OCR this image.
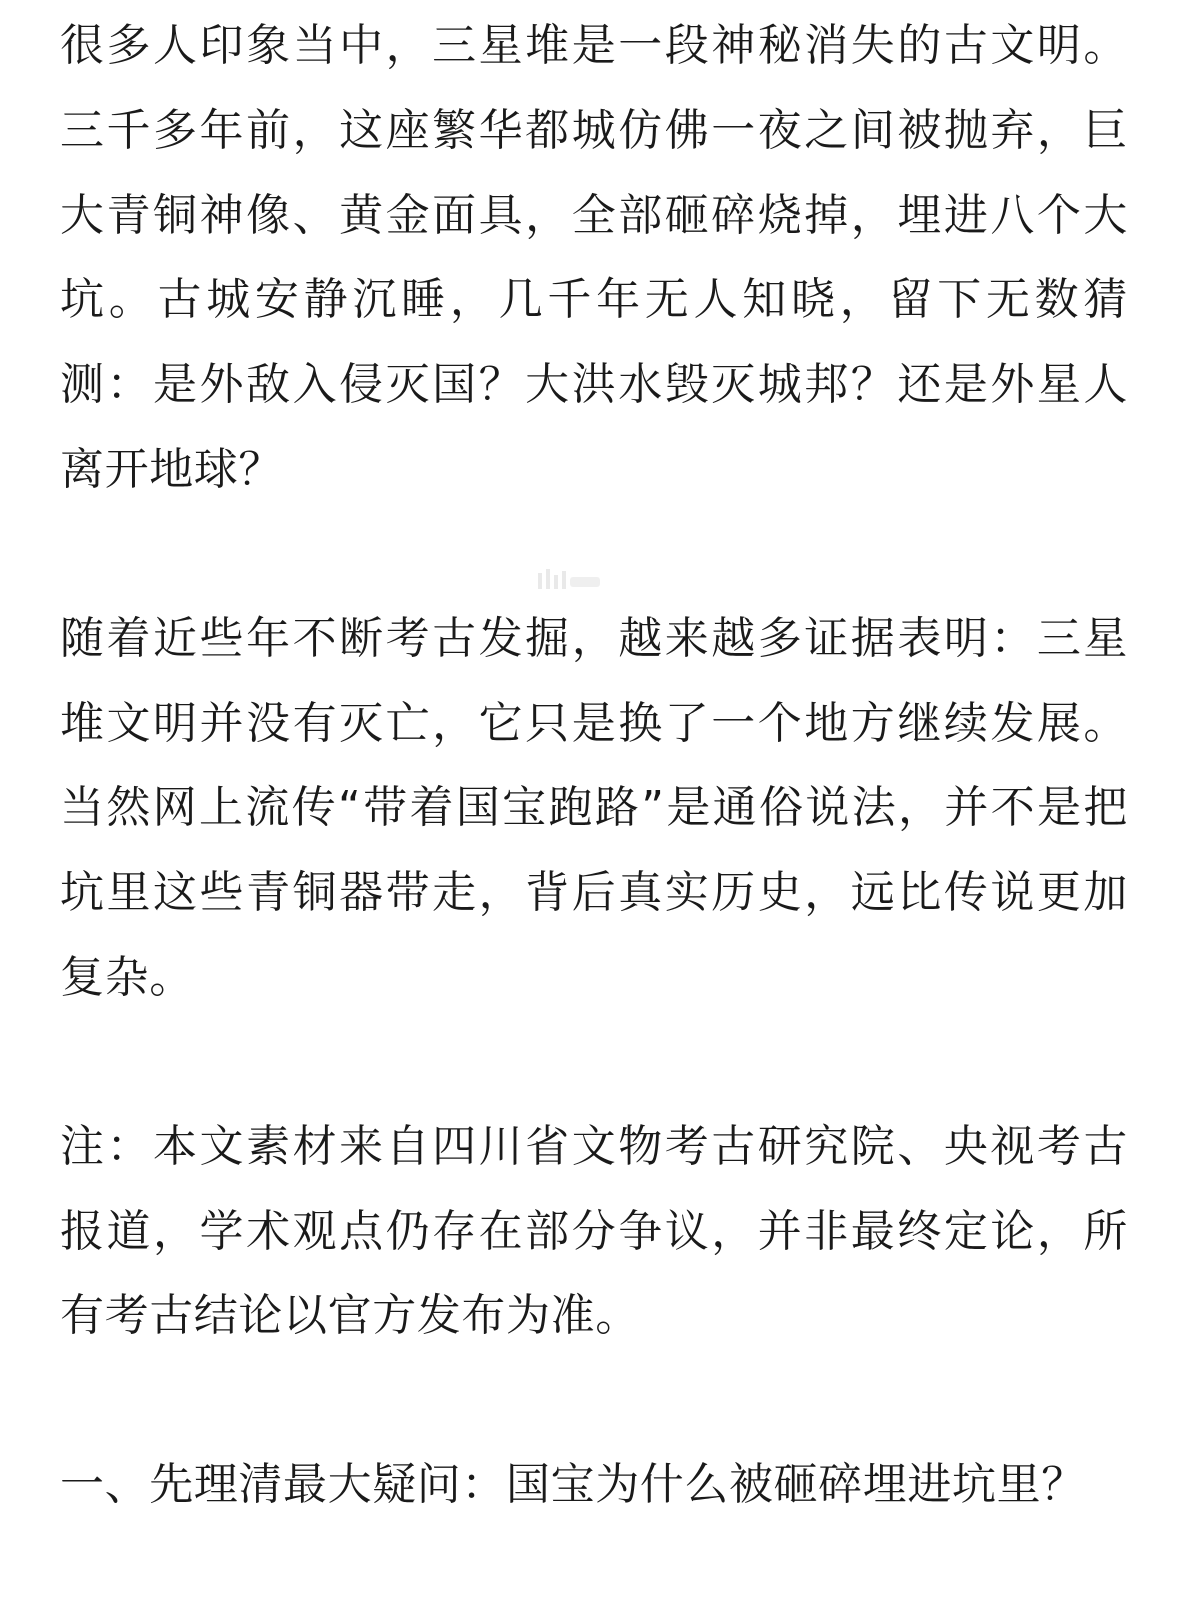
很多人印象当中，三星堆是一段神秘消失的古文明。三千多年前，这座繁华都城仿佛一夜之间被抛弃，巨大青铜神像、黄金面具，全部砸碎烧掉，埋进八个大坑。古城安静沉睡，几千年无人知晓，留下无数猜测：是外敌入侵灭国？大洪水毁灭城邦？还是外星人离开地球？

随着近些年不断考古发掘，越来越多证据表明：三星堆文明并没有灭亡，它只是换了一个地方继续发展。当然网上流传“带着国宝跑路”是通俗说法，并不是把坑里这些青铜器带走，背后真实历史，远比传说更加复杂。

注：本文素材来自四川省文物考古研究院、央视考古报道，学术观点仍存在部分争议，并非最终定论，所有考古结论以官方发布为准。

一、先理清最大疑问：国宝为什么被砸碎埋进坑里？
